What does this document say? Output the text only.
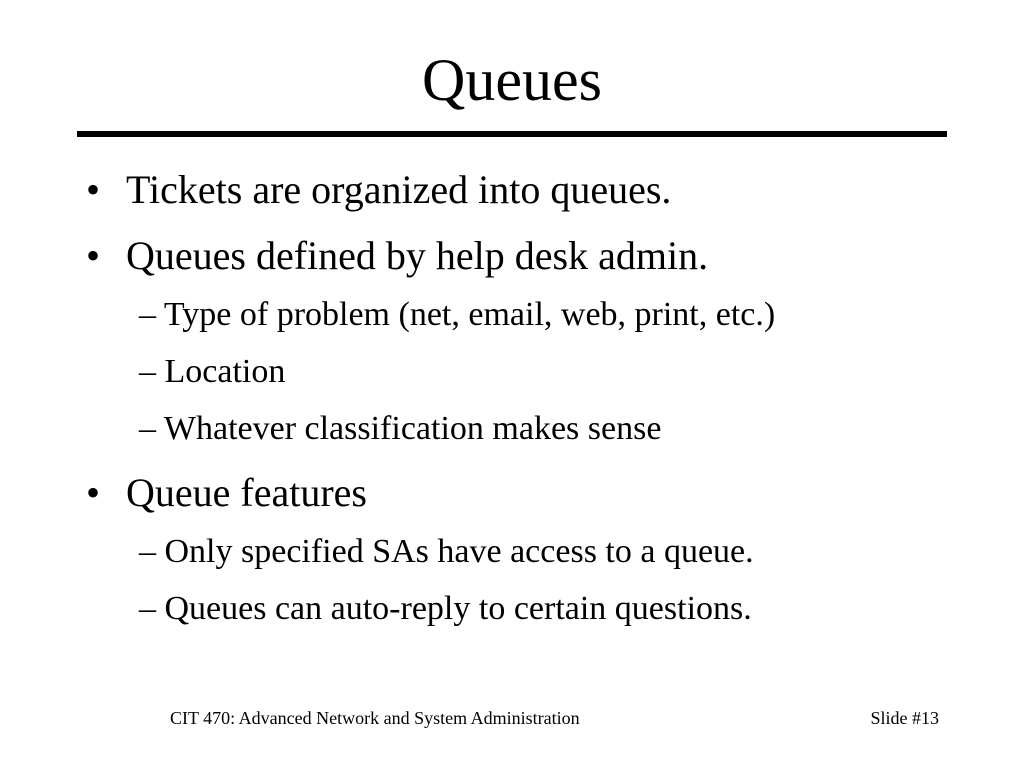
Queues
• Tickets are organized into queues.
• Queues defined by help desk admin.
– Type of problem (net, email, web, print, etc.)
– Location
– Whatever classification makes sense
• Queue features
– Only specified SAs have access to a queue.
– Queues can auto-reply to certain questions.
CIT 470: Advanced Network and System Administration	Slide #13
